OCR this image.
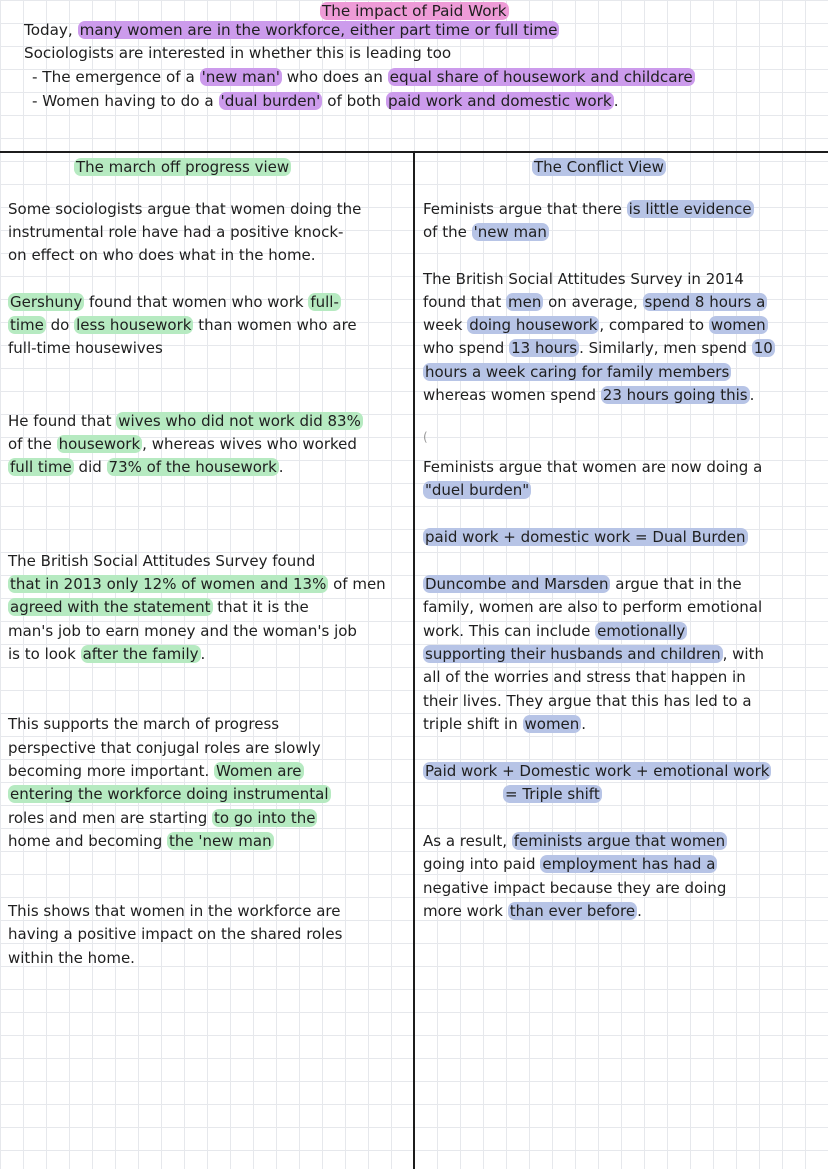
The impact of Paid Work
Today, many women are in the workforce, either part time or full time
Sociologists are interested in whether this is leading too
- The emergence of a 'new man' who does an equal share of housework and childcare
- Women having to do a 'dual burden' of both paid work and domestic work .
The march off progress view
Some sociologists argue that women doing the
instrumental role have had a positive knock-
on effect on who does what in the home.
Gershuny found that women who work full-
time do less housework than women who are
full-time housewives
He found that wives who did not work did 83%
of the housework , whereas wives who worked
full time did 73% of the housework .
The British Social Attitudes Survey found
that in 2013 only 12% of women and 13% of men
agreed with the statement that it is the
man's job to earn money and the woman's job
is to look after the family .
This supports the march of progress
perspective that conjugal roles are slowly
becoming more important. Women are
entering the workforce doing instrumental
roles and men are starting to go into the
home and becoming the 'new man
This shows that women in the workforce are
having a positive impact on the shared roles
within the home.
The Conflict View
Feminists argue that there is little evidence
of the 'new man
The British Social Attitudes Survey in 2014
found that men on average, spend 8 hours a
week doing housework , compared to women
who spend 13 hours . Similarly, men spend 10
hours a week caring for family members
whereas women spend 23 hours going this .
(
Feminists argue that women are now doing a
"duel burden"
paid work + domestic work = Dual Burden
Duncombe and Marsden argue that in the
family, women are also to perform emotional
work. This can include emotionally
supporting their husbands and children , with
all of the worries and stress that happen in
their lives. They argue that this has led to a
triple shift in women .
Paid work + Domestic work + emotional work
= Triple shift
As a result, feminists argue that women
going into paid employment has had a
negative impact because they are doing
more work than ever before .
